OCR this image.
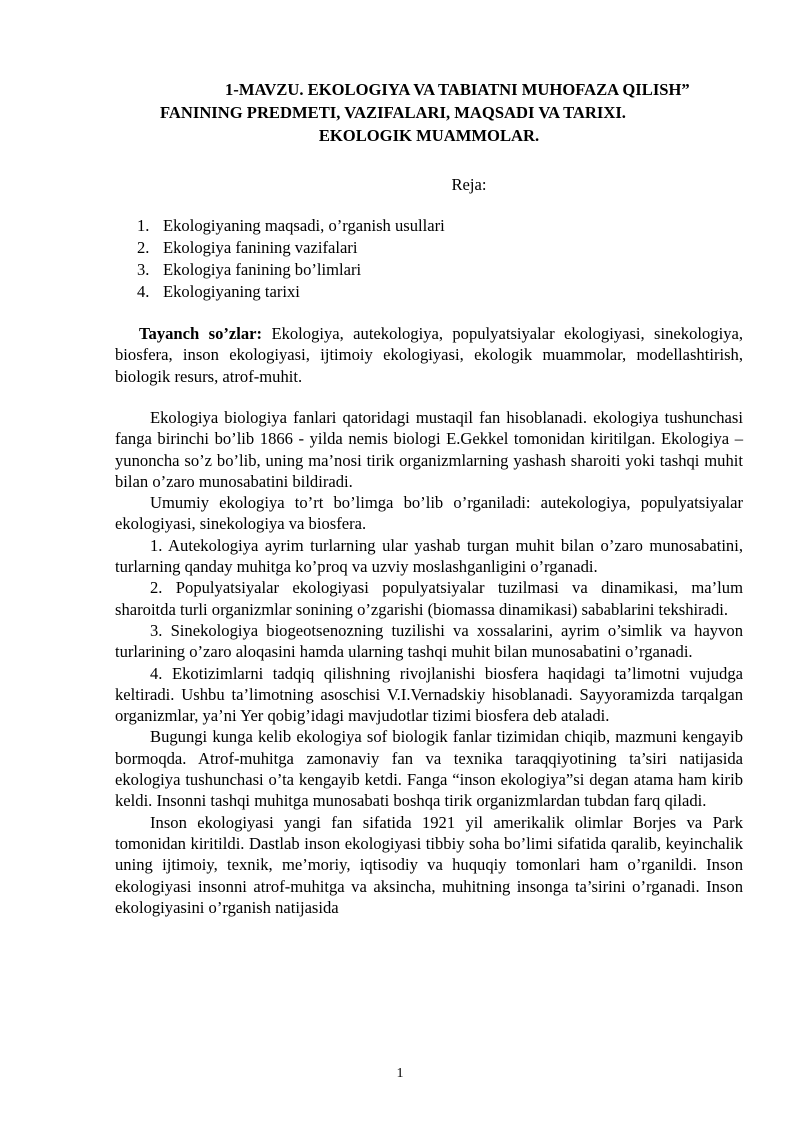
1-MAVZU. EKOLOGIYA VA TABIATNI MUHOFAZA QILISH”
FANINING PREDMETI, VAZIFALARI, MAQSADI VA TARIXI.
EKOLOGIK MUAMMOLAR.
Reja:
1. Ekologiyaning maqsadi, o’rganish usullari
2. Ekologiya fanining vazifalari
3. Ekologiya fanining bo’limlari
4. Ekologiyaning tarixi
Tayanch so’zlar: Ekologiya, autekologiya, populyatsiyalar ekologiyasi, sinekologiya, biosfera, inson ekologiyasi, ijtimoiy ekologiyasi, ekologik muammolar, modellashtirish, biologik resurs, atrof-muhit.

Ekologiya biologiya fanlari qatoridagi mustaqil fan hisoblanadi. ekologiya tushunchasi fanga birinchi bo’lib 1866 - yilda nemis biologi E.Gekkel tomonidan kiritilgan. Ekologiya – yunoncha so’z bo’lib, uning ma’nosi tirik organizmlarning yashash sharoiti yoki tashqi muhit bilan o’zaro munosabatini bildiradi.

Umumiy ekologiya to’rt bo’limga bo’lib o’rganiladi: autekologiya, populyatsiyalar ekologiyasi, sinekologiya va biosfera.

1. Autekologiya ayrim turlarning ular yashab turgan muhit bilan o’zaro munosabatini, turlarning qanday muhitga ko’proq va uzviy moslashganligini o’rganadi.

2. Populyatsiyalar ekologiyasi populyatsiyalar tuzilmasi va dinamikasi, ma’lum sharoitda turli organizmlar sonining o’zgarishi (biomassa dinamikasi) sabablarini tekshiradi.

3. Sinekologiya biogeotsenozning tuzilishi va xossalarini, ayrim o’simlik va hayvon turlarining o’zaro aloqasini hamda ularning tashqi muhit bilan munosabatini o’rganadi.

4. Ekotizimlarni tadqiq qilishning rivojlanishi biosfera haqidagi ta’limotni vujudga keltiradi. Ushbu ta’limotning asoschisi V.I.Vernadskiy hisoblanadi. Sayyoramizda tarqalgan organizmlar, ya’ni Yer qobig’idagi mavjudotlar tizimi biosfera deb ataladi.

Bugungi kunga kelib ekologiya sof biologik fanlar tizimidan chiqib, mazmuni kengayib bormoqda. Atrof-muhitga zamonaviy fan va texnika taraqqiyotining ta’siri natijasida ekologiya tushunchasi o’ta kengayib ketdi. Fanga “inson ekologiya”si degan atama ham kirib keldi. Insonni tashqi muhitga munosabati boshqa tirik organizmlardan tubdan farq qiladi.

Inson ekologiyasi yangi fan sifatida 1921 yil amerikalik olimlar Borjes va Park tomonidan kiritildi. Dastlab inson ekologiyasi tibbiy soha bo’limi sifatida qaralib, keyinchalik uning ijtimoiy, texnik, me’moriy, iqtisodiy va huquqiy tomonlari ham o’rganildi. Inson ekologiyasi insonni atrof-muhitga va aksincha, muhitning insonga ta’sirini o’rganadi. Inson ekologiyasini o’rganish natijasida

1
